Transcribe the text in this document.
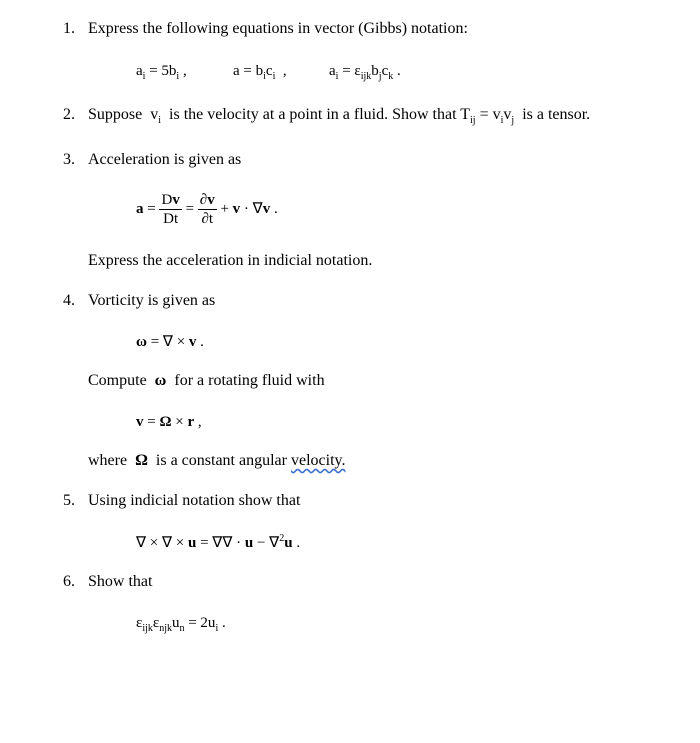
1. Express the following equations in vector (Gibbs) notation:
$a_i = 5b_i$ ,	$a = b_ic_i$  ,	$a_i = \varepsilon_{ijk}b_jc_k$ .
2. Suppose $v_i$ is the velocity at a point in a fluid. Show that $T_{ij} = v_iv_j$ is a tensor.
3. Acceleration is given as
$a = \frac{Dv}{Dt} = \frac{\partial v}{\partial t} + v \cdot \nabla v$ .
Express the acceleration in indicial notation.
4. Vorticity is given as
ω = ∇ × v .
Compute ω for a rotating fluid with
v = Ω × r ,
where Ω is a constant angular velocity.
5. Using indicial notation show that
∇ × ∇ × u = ∇∇ · u − ∇$^2$u .
6. Show that
$\varepsilon_{ijk}\varepsilon_{njk}u_n = 2u_i$ .
